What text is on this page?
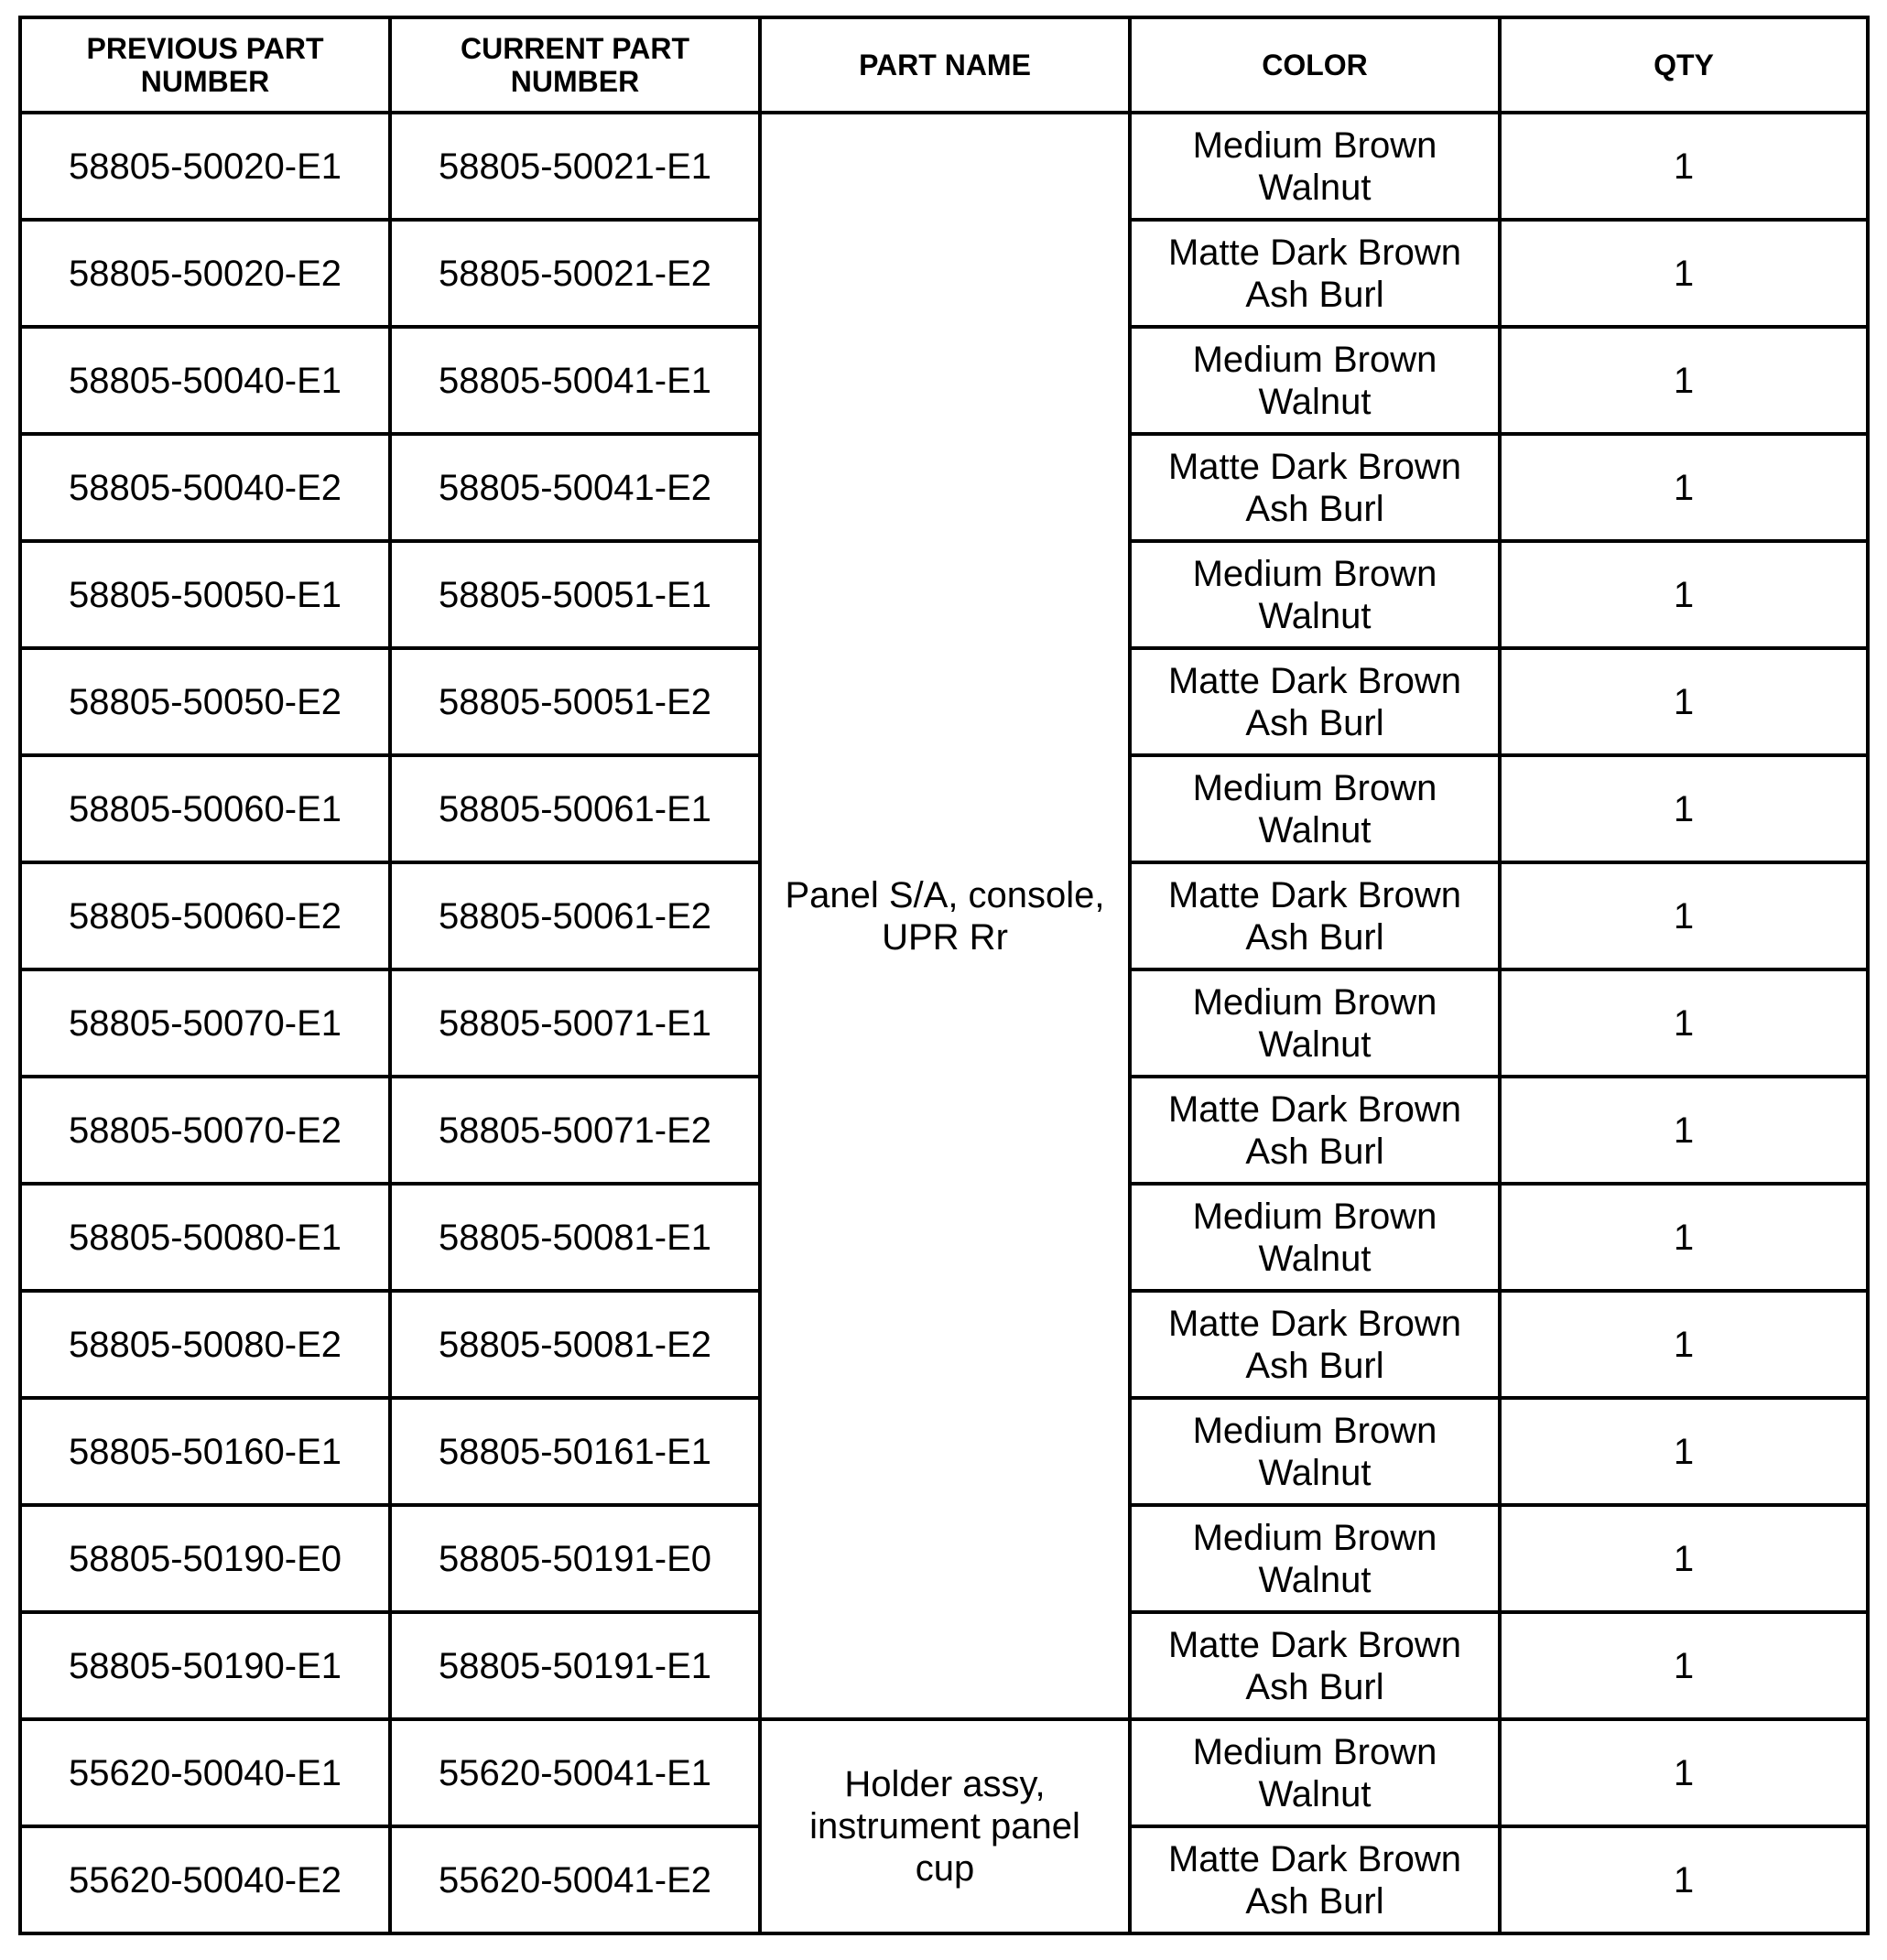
PREVIOUS PART NUMBER	CURRENT PART NUMBER	PART NAME	COLOR	QTY
58805-50020-E1	58805-50021-E1	Panel S/A, console, UPR Rr	Medium Brown Walnut	1
58805-50020-E2	58805-50021-E2		Matte Dark Brown Ash Burl	1
58805-50040-E1	58805-50041-E1		Medium Brown Walnut	1
58805-50040-E2	58805-50041-E2		Matte Dark Brown Ash Burl	1
58805-50050-E1	58805-50051-E1		Medium Brown Walnut	1
58805-50050-E2	58805-50051-E2		Matte Dark Brown Ash Burl	1
58805-50060-E1	58805-50061-E1		Medium Brown Walnut	1
58805-50060-E2	58805-50061-E2		Matte Dark Brown Ash Burl	1
58805-50070-E1	58805-50071-E1		Medium Brown Walnut	1
58805-50070-E2	58805-50071-E2		Matte Dark Brown Ash Burl	1
58805-50080-E1	58805-50081-E1		Medium Brown Walnut	1
58805-50080-E2	58805-50081-E2		Matte Dark Brown Ash Burl	1
58805-50160-E1	58805-50161-E1		Medium Brown Walnut	1
58805-50190-E0	58805-50191-E0		Medium Brown Walnut	1
58805-50190-E1	58805-50191-E1		Matte Dark Brown Ash Burl	1
55620-50040-E1	55620-50041-E1	Holder assy, instrument panel cup	Medium Brown Walnut	1
55620-50040-E2	55620-50041-E2		Matte Dark Brown Ash Burl	1
